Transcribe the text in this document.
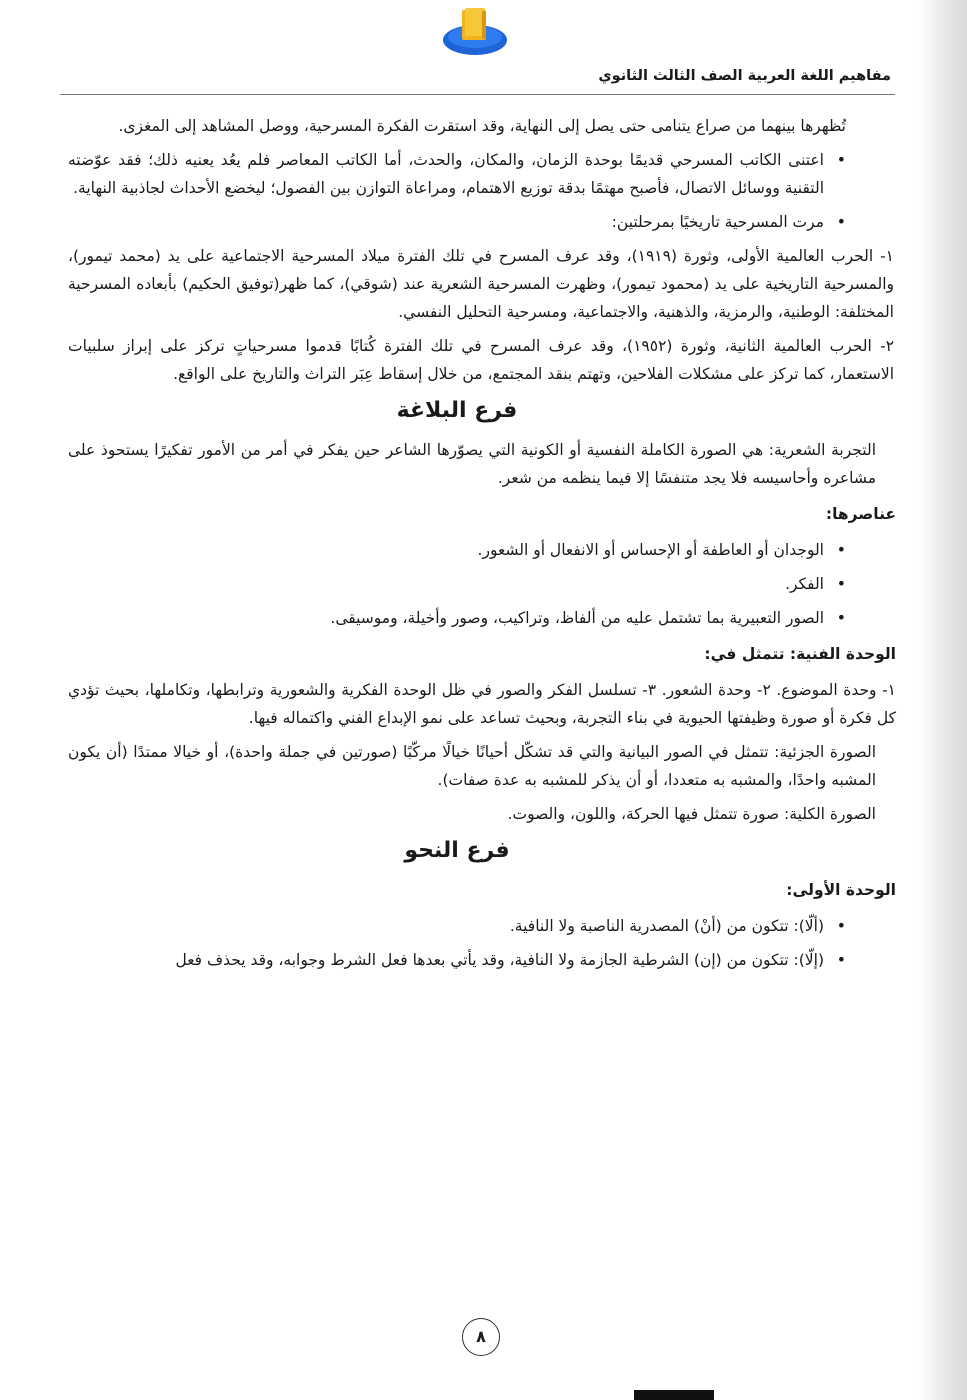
مفاهيم اللغة العربية الصف الثالث الثانوي

تُظهرها بينهما من صراع يتنامى حتى يصل إلى النهاية، وقد استقرت الفكرة المسرحية، ووصل المشاهد إلى المغزى.

• اعتنى الكاتب المسرحي قديمًا بوحدة الزمان، والمكان، والحدث، أما الكاتب المعاصر فلم يعُد يعنيه ذلك؛ فقد عوّضته التقنية ووسائل الاتصال، فأصبح مهتمًا بدقة توزيع الاهتمام، ومراعاة التوازن بين الفصول؛ ليخضع الأحداث لجاذبية النهاية.

• مرت المسرحية تاريخيًا بمرحلتين:

١- الحرب العالمية الأولى، وثورة (١٩١٩)، وقد عرف المسرح في تلك الفترة ميلاد المسرحية الاجتماعية على يد (محمد تيمور)، والمسرحية التاريخية على يد (محمود تيمور)، وظهرت المسرحية الشعرية عند (شوقي)، كما ظهر(توفيق الحكيم) بأبعاده المسرحية المختلفة: الوطنية، والرمزية، والذهنية، والاجتماعية، ومسرحية التحليل النفسي.

٢- الحرب العالمية الثانية، وثورة (١٩٥٢)، وقد عرف المسرح في تلك الفترة كُتابًا قدموا مسرحياتٍ تركز على إبراز سلبيات الاستعمار، كما تركز على مشكلات الفلاحين، وتهتم بنقد المجتمع، من خلال إسقاط عِبَر التراث والتاريخ على الواقع.

فرع البلاغة

التجربة الشعرية: هي الصورة الكاملة النفسية أو الكونية التي يصوّرها الشاعر حين يفكر في أمر من الأمور تفكيرًا يستحوذ على مشاعره وأحاسيسه فلا يجد متنفسًا إلا فيما ينظمه من شعر.

عناصرها:

• الوجدان أو العاطفة أو الإحساس أو الانفعال أو الشعور.

• الفكر.

• الصور التعبيرية بما تشتمل عليه من ألفاظ، وتراكيب، وصور وأخيلة، وموسيقى.

الوحدة الفنية: تتمثل في:

١- وحدة الموضوع. ٢- وحدة الشعور. ٣- تسلسل الفكر والصور في ظل الوحدة الفكرية والشعورية وترابطها، وتكاملها، بحيث تؤدي كل فكرة أو صورة وظيفتها الحيوية في بناء التجربة، وبحيث تساعد على نمو الإبداع الفني واكتماله فيها.

الصورة الجزئية: تتمثل في الصور البيانية والتي قد تشكّل أحيانًا خيالًا مركّبًا (صورتين في جملة واحدة)، أو خيالا ممتدًا (أن يكون المشبه واحدًا، والمشبه به متعددا، أو أن يذكر للمشبه به عدة صفات).

الصورة الكلية: صورة تتمثل فيها الحركة، واللون، والصوت.

فرع النحو
الوحدة الأولى:

• (ألّا): تتكون من (أنْ) المصدرية الناصبة ولا النافية.

• (إلّا): تتكون من (إن) الشرطية الجازمة ولا النافية، وقد يأتي بعدها فعل الشرط وجوابه، وقد يحذف فعل

٨
